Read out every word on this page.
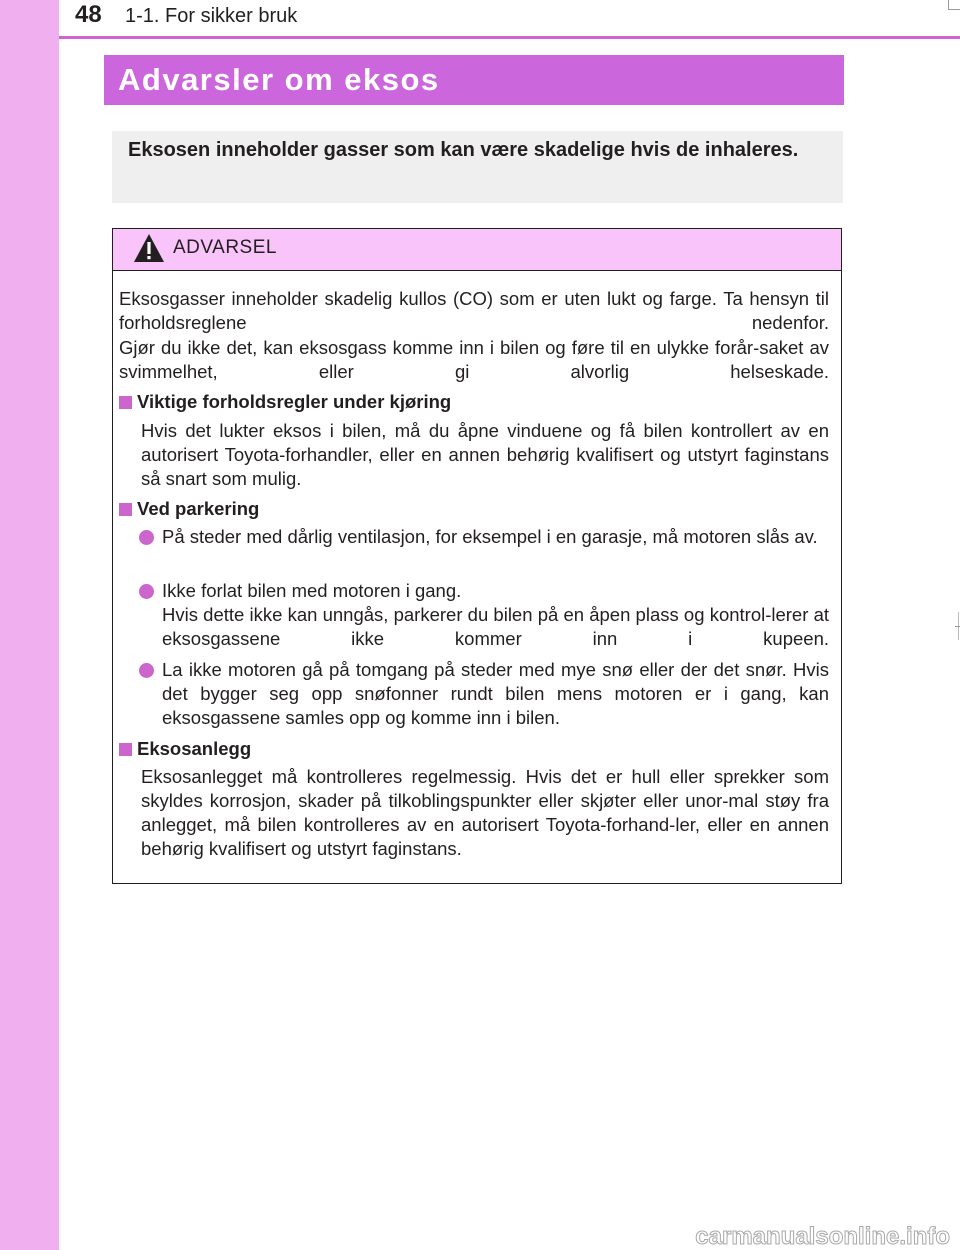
48 1-1. For sikker bruk
Advarsler om eksos
Eksosen inneholder gasser som kan være skadelige hvis de inhaleres.
ADVARSEL
Eksosgasser inneholder skadelig kullos (CO) som er uten lukt og farge. Ta hensyn til forholdsreglene nedenfor.
Gjør du ikke det, kan eksosgass komme inn i bilen og føre til en ulykke forår-saket av svimmelhet, eller gi alvorlig helseskade.
Viktige forholdsregler under kjøring
Hvis det lukter eksos i bilen, må du åpne vinduene og få bilen kontrollert av en autorisert Toyota-forhandler, eller en annen behørig kvalifisert og utstyrt faginstans så snart som mulig.
Ved parkering
På steder med dårlig ventilasjon, for eksempel i en garasje, må motoren slås av.
Ikke forlat bilen med motoren i gang.
Hvis dette ikke kan unngås, parkerer du bilen på en åpen plass og kontrol-lerer at eksosgassene ikke kommer inn i kupeen.
La ikke motoren gå på tomgang på steder med mye snø eller der det snør. Hvis det bygger seg opp snøfonner rundt bilen mens motoren er i gang, kan eksosgassene samles opp og komme inn i bilen.
Eksosanlegg
Eksosanlegget må kontrolleres regelmessig. Hvis det er hull eller sprekker som skyldes korrosjon, skader på tilkoblingspunkter eller skjøter eller unor-mal støy fra anlegget, må bilen kontrolleres av en autorisert Toyota-forhand-ler, eller en annen behørig kvalifisert og utstyrt faginstans.
carmanualsonline.info
